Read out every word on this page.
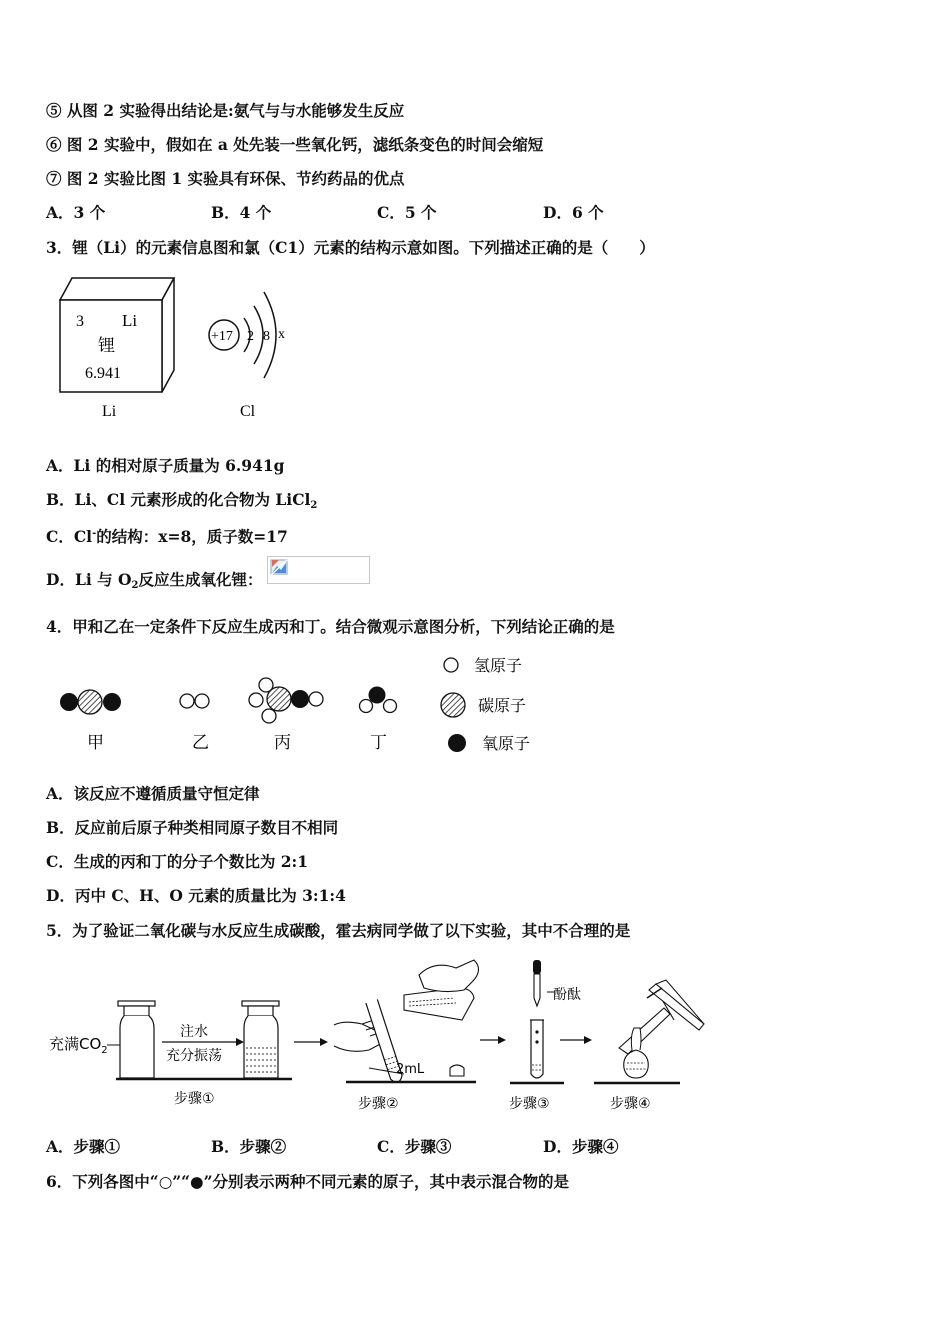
⑤ 从图 2 实验得出结论是:氨气与与水能够发生反应
⑥ 图 2 实验中，假如在 a 处先装一些氧化钙，滤纸条变色的时间会缩短
⑦ 图 2 实验比图 1 实验具有环保、节约药品的优点
A．3 个	B．4 个	C．5 个	D．6 个
3．锂（Li）的元素信息图和氯（C1）元素的结构示意如图。下列描述正确的是（　　）
3 Li
锂
6.941
Li
+17 2 8 x
Cl
A．Li 的相对原子质量为 6.941g
B．Li、Cl 元素形成的化合物为 LiCl$_2$
C．Cl-的结构：x=8，质子数=17
D．Li 与 $O_2$反应生成氧化锂：
4．甲和乙在一定条件下反应生成丙和丁。结合微观示意图分析，下列结论正确的是
甲	乙	丙	丁
氢原子
碳原子
氧原子
A．该反应不遵循质量守恒定律
B．反应前后原子种类相同原子数目不相同
C．生成的丙和丁的分子个数比为 2:1
D．丙中 C、H、O 元素的质量比为 3:1:4
5．为了验证二氧化碳与水反应生成碳酸，霍去病同学做了以下实验，其中不合理的是
充满$CO_2$
注水
充分振荡
步骤①
2mL
步骤②
酚酞
步骤③	步骤④
A．步骤①	B．步骤②	C．步骤③	D．步骤④
6．下列各图中“○”“●”分别表示两种不同元素的原子，其中表示混合物的是
